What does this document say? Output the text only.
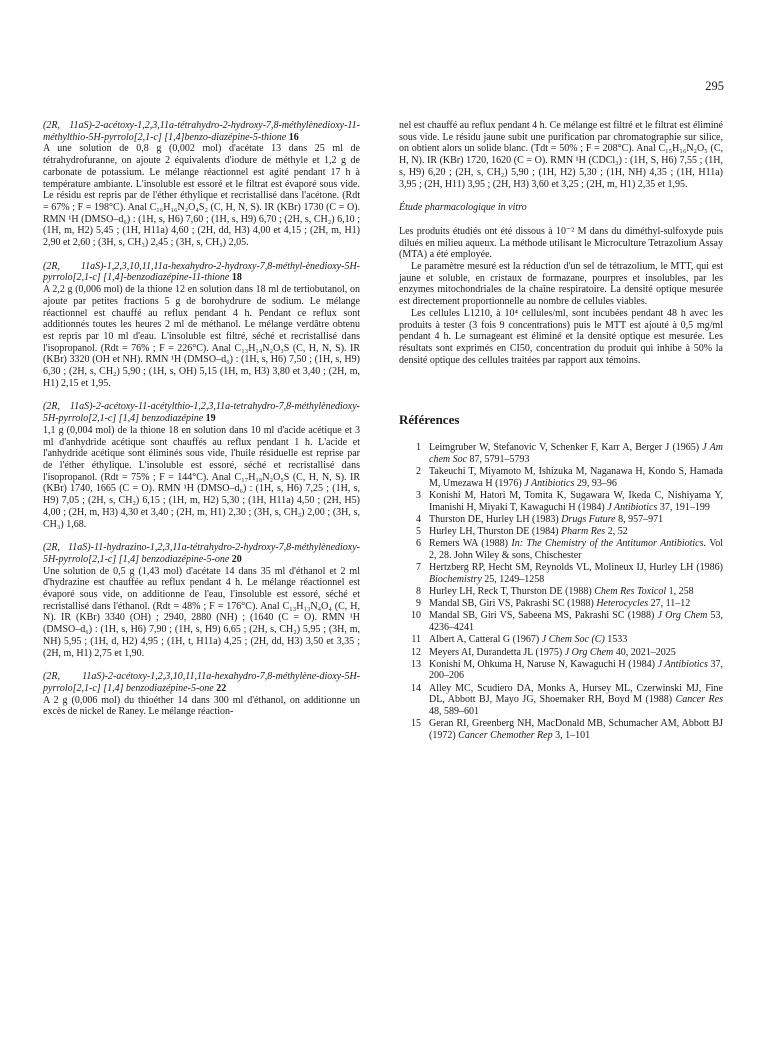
295

(2R, 11aS)-2-acétoxy-1,2,3,11a-tétrahydro-2-hydroxy-7,8-méthylènedioxy-11-méthylthio-5H-pyrrolo[2,1-c] [1,4]benzo-diazépine-5-thione 16

A une solution de 0,8 g (0,002 mol) d'acétate 13 dans 25 ml de tétrahydrofuranne, on ajoute 2 équivalents d'iodure de méthyle et 1,2 g de carbonate de potassium. Le mélange réactionnel est agité pendant 17 h à température ambiante. L'insoluble est essoré et le filtrat est évaporé sous vide. Le résidu est repris par de l'éther éthylique et recristallisé dans l'acétone. (Rdt = 67% ; F = 198°C). Anal C₁₆H₁₆N₂O₄S₂ (C, H, N, S). IR (KBr) 1730 (C = O). RMN ¹H (DMSO–d₆) : (1H, s, H6) 7,60 ; (1H, s, H9) 6,70 ; (2H, s, CH₂) 6,10 ; (1H, m, H2) 5,45 ; (1H, H11a) 4,60 ; (2H, dd, H3) 4,00 et 4,15 ; (2H, m, H1) 2,90 et 2,60 ; (3H, s, CH₃) 2,45 ; (3H, s, CH₃) 2,05.

(2R, 11aS)-1,2,3,10,11,11a-hexahydro-2-hydroxy-7,8-méthyl-ènedioxy-5H-pyrrolo[2,1-c] [1,4]-benzodiazépine-11-thione 18

A 2,2 g (0,006 mol) de la thione 12 en solution dans 18 ml de tertiobutanol, on ajoute par petites fractions 5 g de borohydrure de sodium. Le mélange réactionnel est chauffé au reflux pendant 4 h. Pendant ce reflux sont additionnés toutes les heures 2 ml de méthanol. Le mélange verdâtre obtenu est repris par 10 ml d'eau. L'insoluble est filtré, séché et recristallisé dans l'isopropanol. (Rdt = 76% ; F = 226°C). Anal C₁₃H₁₄N₂O₃S (C, H, N, S). IR (KBr) 3320 (OH et NH). RMN ¹H (DMSO–d₆) : (1H, s, H6) 7,50 ; (1H, s, H9) 6,30 ; (2H, s, CH₂) 5,90 ; (1H, s, OH) 5,15 (1H, m, H3) 3,80 et 3,40 ; (2H, m, H1) 2,15 et 1,95.

(2R, 11aS)-2-acétoxy-11-acétylthio-1,2,3,11a-tetrahydro-7,8-méthylènedioxy-5H-pyrrolo[2,1-c] [1,4] benzodiazépine 19

1,1 g (0,004 mol) de la thione 18 en solution dans 10 ml d'acide acétique et 3 ml d'anhydride acétique sont chauffés au reflux pendant 1 h. L'acide et l'anhydride acétique sont éliminés sous vide, l'huile résiduelle est reprise par de l'éther éthylique. L'insoluble est essoré, séché et recristallisé dans l'isopropanol. (Rdt = 75% ; F = 144°C). Anal C₁₇H₁₈N₂O₅S (C, H, N, S). IR (KBr) 1740, 1665 (C = O). RMN ¹H (DMSO–d₆) : (1H, s, H6) 7,25 ; (1H, s, H9) 7,05 ; (2H, s, CH₂) 6,15 ; (1H, m, H2) 5,30 ; (1H, H11a) 4,50 ; (2H, H5) 4,00 ; (2H, m, H3) 4,30 et 3,40 ; (2H, m, H1) 2,30 ; (3H, s, CH₃) 2,00 ; (3H, s, CH₃) 1,68.

(2R, 11aS)-11-hydrazino-1,2,3,11a-tétrahydro-2-hydroxy-7,8-méthylènedioxy-5H-pyrrolo[2,1-c] [1,4] benzodiazépine-5-one 20

Une solution de 0,5 g (1,43 mol) d'acétate 14 dans 35 ml d'éthanol et 2 ml d'hydrazine est chauffée au reflux pendant 4 h. Le mélange réactionnel est évaporé sous vide, on additionne de l'eau, l'insoluble est essoré, séché et recristallisé dans l'éthanol. (Rdt = 48% ; F = 176°C). Anal C₁₃H₁₃N₄O₄ (C, H, N). IR (KBr) 3340 (OH) ; 2940, 2880 (NH) ; (1640 (C = O). RMN ¹H (DMSO–d₆) : (1H, s, H6) 7,90 ; (1H, s, H9) 6,65 ; (2H, s, CH₂) 5,95 ; (3H, m, NH) 5,95 ; (1H, d, H2) 4,95 ; (1H, t, H11a) 4,25 ; (2H, dd, H3) 3,50 et 3,35 ; (2H, m, H1) 2,75 et 1,90.

(2R, 11aS)-2-acétoxy-1,2,3,10,11,11a-hexahydro-7,8-méthylène-dioxy-5H-pyrrolo[2,1-c] [1,4] benzodiazépine-5-one 22

A 2 g (0,006 mol) du thioéther 14 dans 300 ml d'éthanol, on additionne un excès de nickel de Raney. Le mélange réaction-

nel est chauffé au reflux pendant 4 h. Ce mélange est filtré et le filtrat est éliminé sous vide. Le résidu jaune subit une purification par chromatographie sur silice, on obtient alors un solide blanc. (Tdt = 50% ; F = 208°C). Anal C₁₅H₁₆N₂O₅ (C, H, N). IR (KBr) 1720, 1620 (C = O). RMN ¹H (CDCl₃) : (1H, S, H6) 7,55 ; (1H, s, H9) 6,20 ; (2H, s, CH₂) 5,90 ; (1H, H2) 5,30 ; (1H, NH) 4,35 ; (1H, H11a) 3,95 ; (2H, H11) 3,95 ; (2H, H3) 3,60 et 3,25 ; (2H, m, H1) 2,35 et 1,95.

Étude pharmacologique in vitro

Les produits étudiés ont été dissous à 10⁻² M dans du diméthyl-sulfoxyde puis dilués en milieu aqueux. La méthode utilisant le Microculture Tetrazolium Assay (MTA) a été employée.

Le paramètre mesuré est la réduction d'un sel de tétrazolium, le MTT, qui est jaune et soluble, en cristaux de formazane, pourpres et insolubles, par les enzymes mitochondriales de la chaîne respiratoire. La densité optique mesurée est directement proportionnelle au nombre de cellules viables.

Les cellules L1210, à 10⁴ cellules/ml, sont incubées pendant 48 h avec les produits à tester (3 fois 9 concentrations) puis le MTT est ajouté à 0,5 mg/ml pendant 4 h. Le surnageant est éliminé et la densité optique est mesurée. Les résultats sont exprimés en CI50, concentration du produit qui inhibe à 50% la densité optique des cellules traitées par rapport aux témoins.

Références
1 Leimgruber W, Stefanovic V, Schenker F, Karr A, Berger J (1965) J Am chem Soc 87, 5791–5793
2 Takeuchi T, Miyamoto M, Ishizuka M, Naganawa H, Kondo S, Hamada M, Umezawa H (1976) J Antibiotics 29, 93–96
3 Konishi M, Hatori M, Tomita K, Sugawara W, Ikeda C, Nishiyama Y, Imanishi H, Miyaki T, Kawaguchi H (1984) J Antibiotics 37, 191–199
4 Thurston DE, Hurley LH (1983) Drugs Future 8, 957–971
5 Hurley LH, Thurston DE (1984) Pharm Res 2, 52
6 Remers WA (1988) In: The Chemistry of the Antitumor Antibiotics. Vol 2, 28. John Wiley & sons, Chischester
7 Hertzberg RP, Hecht SM, Reynolds VL, Molineux IJ, Hurley LH (1986) Biochemistry 25, 1249–1258
8 Hurley LH, Reck T, Thurston DE (1988) Chem Res Toxicol 1, 258
9 Mandal SB, Giri VS, Pakrashi SC (1988) Heterocycles 27, 11–12
10 Mandal SB, Giri VS, Sabeena MS, Pakrashi SC (1988) J Org Chem 53, 4236–4241
11 Albert A, Catteral G (1967) J Chem Soc (C) 1533
12 Meyers AI, Durandetta JL (1975) J Org Chem 40, 2021–2025
13 Konishi M, Ohkuma H, Naruse N, Kawaguchi H (1984) J Antibiotics 37, 200–206
14 Alley MC, Scudiero DA, Monks A, Hursey ML, Czerwinski MJ, Fine DL, Abbott BJ, Mayo JG, Shoemaker RH, Boyd M (1988) Cancer Res 48, 589–601
15 Geran RI, Greenberg NH, MacDonald MB, Schumacher AM, Abbott BJ (1972) Cancer Chemother Rep 3, 1–101
